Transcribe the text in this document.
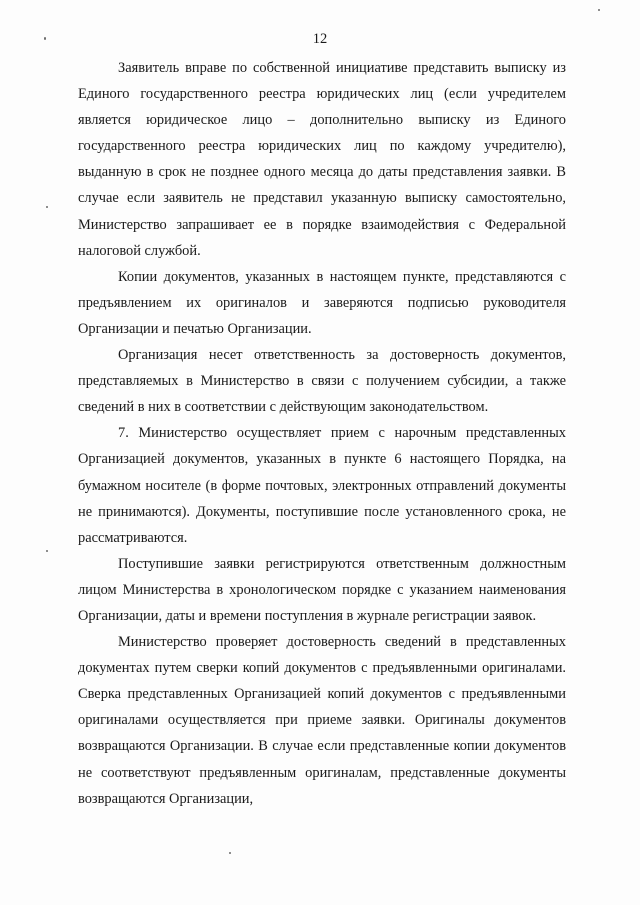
12

Заявитель вправе по собственной инициативе представить выписку из Единого государственного реестра юридических лиц (если учредителем является юридическое лицо – дополнительно выписку из Единого государственного реестра юридических лиц по каждому учредителю), выданную в срок не позднее одного месяца до даты представления заявки. В случае если заявитель не представил указанную выписку самостоятельно, Министерство запрашивает ее в порядке взаимодействия с Федеральной налоговой службой.

Копии документов, указанных в настоящем пункте, представляются с предъявлением их оригиналов и заверяются подписью руководителя Организации и печатью Организации.

Организация несет ответственность за достоверность документов, представляемых в Министерство в связи с получением субсидии, а также сведений в них в соответствии с действующим законодательством.

7. Министерство осуществляет прием с нарочным представленных Организацией документов, указанных в пункте 6 настоящего Порядка, на бумажном носителе (в форме почтовых, электронных отправлений документы не принимаются). Документы, поступившие после установленного срока, не рассматриваются.

Поступившие заявки регистрируются ответственным должностным лицом Министерства в хронологическом порядке с указанием наименования Организации, даты и времени поступления в журнале регистрации заявок.

Министерство проверяет достоверность сведений в представленных документах путем сверки копий документов с предъявленными оригиналами. Сверка представленных Организацией копий документов с предъявленными оригиналами осуществляется при приеме заявки. Оригиналы документов возвращаются Организации. В случае если представленные копии документов не соответствуют предъявленным оригиналам, представленные документы возвращаются Организации,
